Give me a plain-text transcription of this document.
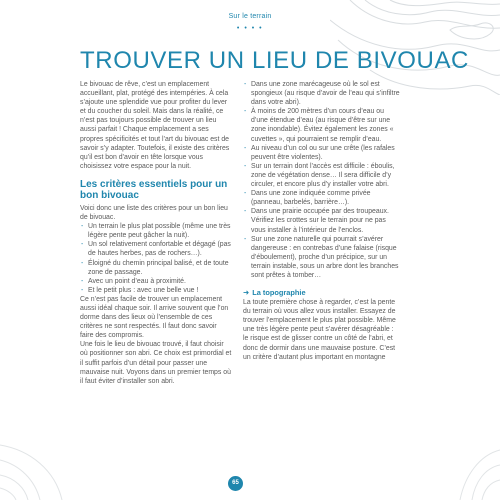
Sur le terrain
• • • •
TROUVER UN LIEU DE BIVOUAC

Le bivouac de rêve, c’est un emplacement accueillant, plat, protégé des intempéries. À cela s’ajoute une splendide vue pour profiter du lever et du coucher du soleil. Mais dans la réalité, ce n’est pas toujours possible de trouver un lieu aussi parfait ! Chaque emplacement a ses propres spécificités et tout l’art du bivouac est de savoir s’y adapter. Toutefois, il existe des critères qu’il est bon d’avoir en tête lorsque vous choisissez votre espace pour la nuit.

Les critères essentiels pour un bon bivouac

Voici donc une liste des critères pour un bon lieu de bivouac.

- Un terrain le plus plat possible (même une très légère pente peut gâcher la nuit).
- Un sol relativement confortable et dégagé (pas de hautes herbes, pas de rochers…).
- Éloigné du chemin principal balisé, et de toute zone de passage.
- Avec un point d’eau à proximité.
- Et le petit plus : avec une belle vue !

Ce n’est pas facile de trouver un emplacement aussi idéal chaque soir. Il arrive souvent que l’on dorme dans des lieux où l’ensemble de ces critères ne sont respectés. Il faut donc savoir faire des compromis.

Une fois le lieu de bivouac trouvé, il faut choisir où positionner son abri. Ce choix est primordial et il suffit parfois d’un détail pour passer une mauvaise nuit. Voyons dans un premier temps où il faut éviter d’installer son abri.

- Dans une zone marécageuse où le sol est spongieux (au risque d’avoir de l’eau qui s’infiltre dans votre abri).
- À moins de 200 mètres d’un cours d’eau ou d’une étendue d’eau (au risque d’être sur une zone inondable). Évitez également les zones « cuvettes », qui pourraient se remplir d’eau.
- Au niveau d’un col ou sur une crête (les rafales peuvent être violentes).
- Sur un terrain dont l’accès est difficile : éboulis, zone de végétation dense… Il sera difficile d’y circuler, et encore plus d’y installer votre abri.
- Dans une zone indiquée comme privée (panneau, barbelés, barrière…).
- Dans une prairie occupée par des troupeaux. Vérifiez les crottes sur le terrain pour ne pas vous installer à l’intérieur de l’enclos.
- Sur une zone naturelle qui pourrait s’avérer dangereuse : en contrebas d’une falaise (risque d’éboulement), proche d’un précipice, sur un terrain instable, sous un arbre dont les branches sont prêtes à tomber…
➜ La topographie

La toute première chose à regarder, c’est la pente du terrain où vous allez vous installer. Essayez de trouver l’emplacement le plus plat possible. Même une très légère pente peut s’avérer désagréable : le risque est de glisser contre un côté de l’abri, et donc de dormir dans une mauvaise posture. C’est un critère d’autant plus important en montagne

65
